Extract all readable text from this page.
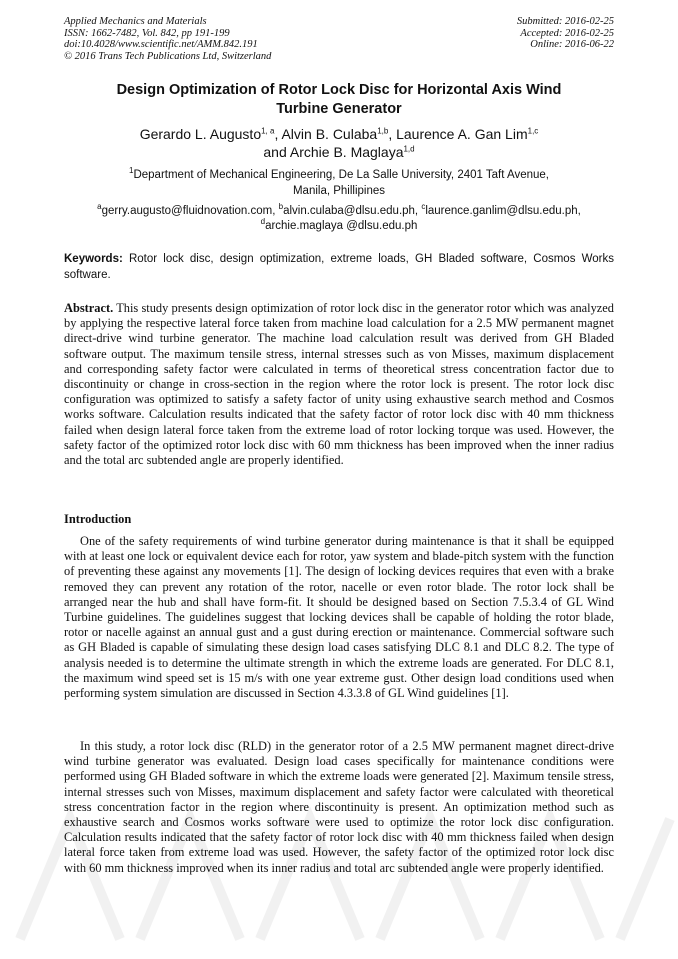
Applied Mechanics and Materials
ISSN: 1662-7482, Vol. 842, pp 191-199
doi:10.4028/www.scientific.net/AMM.842.191
© 2016 Trans Tech Publications Ltd, Switzerland
Submitted: 2016-02-25
Accepted: 2016-02-25
Online: 2016-06-22
Design Optimization of Rotor Lock Disc for Horizontal Axis Wind
Turbine Generator
Gerardo L. Augusto$^{1, a}$, Alvin B. Culaba$^{1,b}$, Laurence A. Gan Lim$^{1,c}$
and Archie B. Maglaya$^{1,d}$
$^1$Department of Mechanical Engineering, De La Salle University, 2401 Taft Avenue,
Manila, Phillipines
$^a$gerry.augusto@fluidnovation.com, $^b$alvin.culaba@dlsu.edu.ph, $^c$laurence.ganlim@dlsu.edu.ph,
$^d$archie.maglaya @dlsu.edu.ph
Keywords: Rotor lock disc, design optimization, extreme loads, GH Bladed software, Cosmos Works software.

Abstract. This study presents design optimization of rotor lock disc in the generator rotor which was analyzed by applying the respective lateral force taken from machine load calculation for a 2.5 MW permanent magnet direct-drive wind turbine generator. The machine load calculation result was derived from GH Bladed software output. The maximum tensile stress, internal stresses such as von Misses, maximum displacement and corresponding safety factor were calculated in terms of theoretical stress concentration factor due to discontinuity or change in cross-section in the region where the rotor lock is present. The rotor lock disc configuration was optimized to satisfy a safety factor of unity using exhaustive search method and Cosmos works software. Calculation results indicated that the safety factor of rotor lock disc with 40 mm thickness failed when design lateral force taken from the extreme load of rotor locking torque was used. However, the safety factor of the optimized rotor lock disc with 60 mm thickness has been improved when the inner radius and the total arc subtended angle are properly identified.

Introduction

One of the safety requirements of wind turbine generator during maintenance is that it shall be equipped with at least one lock or equivalent device each for rotor, yaw system and blade-pitch system with the function of preventing these against any movements [1]. The design of locking devices requires that even with a brake removed they can prevent any rotation of the rotor, nacelle or even rotor blade. The rotor lock shall be arranged near the hub and shall have form-fit. It should be designed based on Section 7.5.3.4 of GL Wind Turbine guidelines. The guidelines suggest that locking devices shall be capable of holding the rotor blade, rotor or nacelle against an annual gust and a gust during erection or maintenance. Commercial software such as GH Bladed is capable of simulating these design load cases satisfying DLC 8.1 and DLC 8.2. The type of analysis needed is to determine the ultimate strength in which the extreme loads are generated. For DLC 8.1, the maximum wind speed set is 15 m/s with one year extreme gust. Other design load conditions used when performing system simulation are discussed in Section 4.3.3.8 of GL Wind guidelines [1].

In this study, a rotor lock disc (RLD) in the generator rotor of a 2.5 MW permanent magnet direct-drive wind turbine generator was evaluated. Design load cases specifically for maintenance conditions were performed using GH Bladed software in which the extreme loads were generated [2]. Maximum tensile stress, internal stresses such von Misses, maximum displacement and safety factor were calculated with theoretical stress concentration factor in the region where discontinuity is present. An optimization method such as exhaustive search and Cosmos works software were used to optimize the rotor lock disc configuration. Calculation results indicated that the safety factor of rotor lock disc with 40 mm thickness failed when design lateral force taken from extreme load was used. However, the safety factor of the optimized rotor lock disc with 60 mm thickness improved when its inner radius and total arc subtended angle were properly identified.
